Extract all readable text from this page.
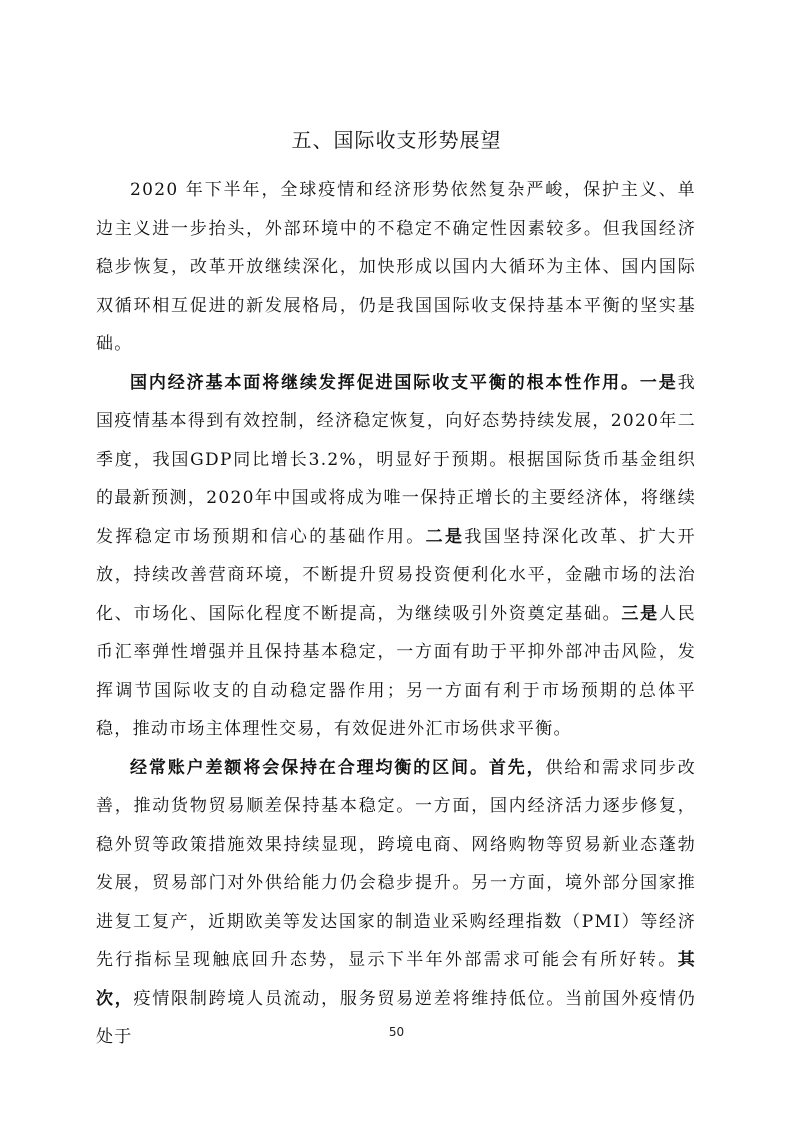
五、国际收支形势展望

2020 年下半年，全球疫情和经济形势依然复杂严峻，保护主义、单边主义进一步抬头，外部环境中的不稳定不确定性因素较多。但我国经济稳步恢复，改革开放继续深化，加快形成以国内大循环为主体、国内国际双循环相互促进的新发展格局，仍是我国国际收支保持基本平衡的坚实基础。

国内经济基本面将继续发挥促进国际收支平衡的根本性作用。一是我国疫情基本得到有效控制，经济稳定恢复，向好态势持续发展，2020年二季度，我国GDP同比增长3.2%，明显好于预期。根据国际货币基金组织的最新预测，2020年中国或将成为唯一保持正增长的主要经济体，将继续发挥稳定市场预期和信心的基础作用。二是我国坚持深化改革、扩大开放，持续改善营商环境，不断提升贸易投资便利化水平，金融市场的法治化、市场化、国际化程度不断提高，为继续吸引外资奠定基础。三是人民币汇率弹性增强并且保持基本稳定，一方面有助于平抑外部冲击风险，发挥调节国际收支的自动稳定器作用；另一方面有利于市场预期的总体平稳，推动市场主体理性交易，有效促进外汇市场供求平衡。

经常账户差额将会保持在合理均衡的区间。首先，供给和需求同步改善，推动货物贸易顺差保持基本稳定。一方面，国内经济活力逐步修复，稳外贸等政策措施效果持续显现，跨境电商、网络购物等贸易新业态蓬勃发展，贸易部门对外供给能力仍会稳步提升。另一方面，境外部分国家推进复工复产，近期欧美等发达国家的制造业采购经理指数（PMI）等经济先行指标呈现触底回升态势，显示下半年外部需求可能会有所好转。其次，疫情限制跨境人员流动，服务贸易逆差将维持低位。当前国外疫情仍处于	50
